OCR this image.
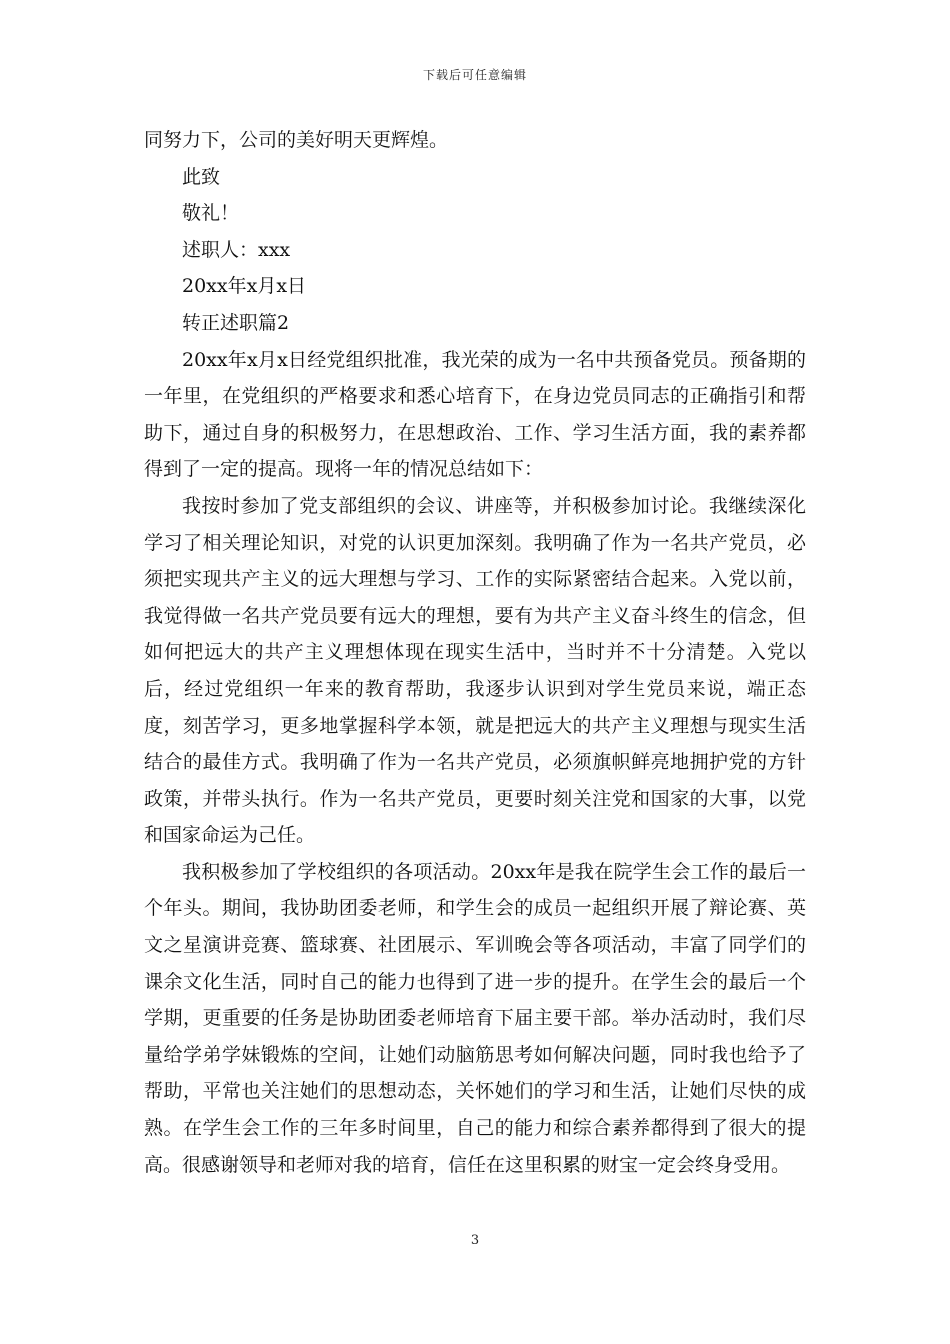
下载后可任意编辑
同努力下，公司的美好明天更辉煌。
此致
敬礼！
述职人：xxx
20xx年x月x日
转正述职篇2

20xx年x月x日经党组织批准，我光荣的成为一名中共预备党员。预备期的一年里，在党组织的严格要求和悉心培育下，在身边党员同志的正确指引和帮助下，通过自身的积极努力，在思想政治、工作、学习生活方面，我的素养都得到了一定的提高。现将一年的情况总结如下：

我按时参加了党支部组织的会议、讲座等，并积极参加讨论。我继续深化学习了相关理论知识，对党的认识更加深刻。我明确了作为一名共产党员，必须把实现共产主义的远大理想与学习、工作的实际紧密结合起来。入党以前，我觉得做一名共产党员要有远大的理想，要有为共产主义奋斗终生的信念，但如何把远大的共产主义理想体现在现实生活中，当时并不十分清楚。入党以后，经过党组织一年来的教育帮助，我逐步认识到对学生党员来说，端正态度，刻苦学习，更多地掌握科学本领，就是把远大的共产主义理想与现实生活结合的最佳方式。我明确了作为一名共产党员，必须旗帜鲜亮地拥护党的方针政策，并带头执行。作为一名共产党员，更要时刻关注党和国家的大事，以党和国家命运为己任。

我积极参加了学校组织的各项活动。20xx年是我在院学生会工作的最后一个年头。期间，我协助团委老师，和学生会的成员一起组织开展了辩论赛、英文之星演讲竞赛、篮球赛、社团展示、军训晚会等各项活动，丰富了同学们的课余文化生活，同时自己的能力也得到了进一步的提升。在学生会的最后一个学期，更重要的任务是协助团委老师培育下届主要干部。举办活动时，我们尽量给学弟学妹锻炼的空间，让她们动脑筋思考如何解决问题，同时我也给予了帮助，平常也关注她们的思想动态，关怀她们的学习和生活，让她们尽快的成熟。在学生会工作的三年多时间里，自己的能力和综合素养都得到了很大的提高。很感谢领导和老师对我的培育，信任在这里积累的财宝一定会终身受用。

3
